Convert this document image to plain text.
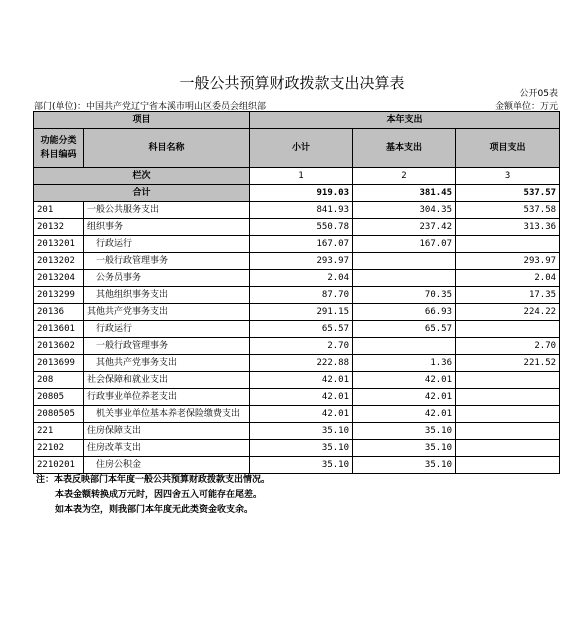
一般公共预算财政拨款支出决算表
公开05表
部门(单位)：中国共产党辽宁省本溪市明山区委员会组织部	金额单位：万元
项目		本年支出		
功能分类科目编码	科目名称	小计	基本支出	项目支出
栏次		1	2	3
合计		919.03	381.45	537.57
201	一般公共服务支出	841.93	304.35	537.58
20132	组织事务	550.78	237.42	313.36
2013201	行政运行	167.07	167.07	
2013202	一般行政管理事务	293.97		293.97
2013204	公务员事务	2.04		2.04
2013299	其他组织事务支出	87.70	70.35	17.35
20136	其他共产党事务支出	291.15	66.93	224.22
2013601	行政运行	65.57	65.57	
2013602	一般行政管理事务	2.70		2.70
2013699	其他共产党事务支出	222.88	1.36	221.52
208	社会保障和就业支出	42.01	42.01	
20805	行政事业单位养老支出	42.01	42.01	
2080505	机关事业单位基本养老保险缴费支出	42.01	42.01	
221	住房保障支出	35.10	35.10	
22102	住房改革支出	35.10	35.10	
2210201	住房公积金	35.10	35.10	
注：本表反映部门本年度一般公共预算财政拨款支出情况。
本表金额转换成万元时，因四舍五入可能存在尾差。
如本表为空，则我部门本年度无此类资金收支余。
